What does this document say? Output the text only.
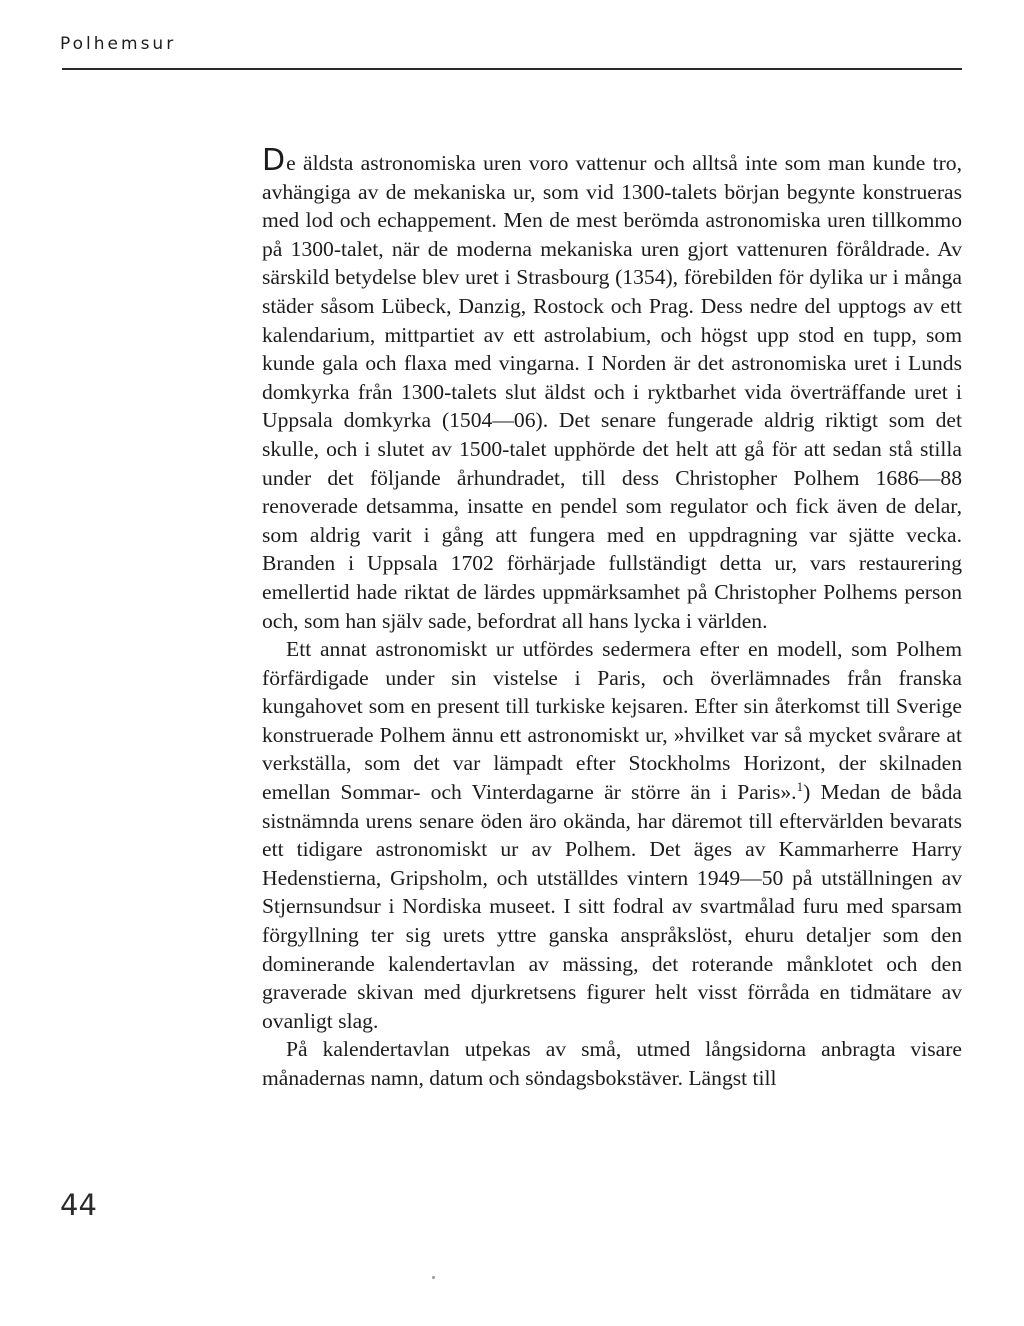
Polhemsur

De äldsta astronomiska uren voro vattenur och alltså inte som man kunde tro, avhängiga av de mekaniska ur, som vid 1300-talets början begynte konstrueras med lod och echappement. Men de mest berömda astronomiska uren tillkommo på 1300-talet, när de moderna mekaniska uren gjort vattenuren föråldrade. Av särskild betydelse blev uret i Strasbourg (1354), förebilden för dylika ur i många städer såsom Lübeck, Danzig, Rostock och Prag. Dess nedre del upptogs av ett kalendarium, mittpartiet av ett astrolabium, och högst upp stod en tupp, som kunde gala och flaxa med vingarna. I Norden är det astronomiska uret i Lunds domkyrka från 1300-talets slut äldst och i ryktbarhet vida överträffande uret i Uppsala domkyrka (1504—06). Det senare fungerade aldrig riktigt som det skulle, och i slutet av 1500-talet upphörde det helt att gå för att sedan stå stilla under det följande århundradet, till dess Christopher Polhem 1686—88 renoverade detsamma, insatte en pendel som regulator och fick även de delar, som aldrig varit i gång att fungera med en uppdragning var sjätte vecka. Branden i Uppsala 1702 förhärjade fullständigt detta ur, vars restaurering emellertid hade riktat de lärdes uppmärksamhet på Christopher Polhems person och, som han själv sade, befordrat all hans lycka i världen.

Ett annat astronomiskt ur utfördes sedermera efter en modell, som Polhem förfärdigade under sin vistelse i Paris, och överlämnades från franska kungahovet som en present till turkiske kejsaren. Efter sin återkomst till Sverige konstruerade Polhem ännu ett astronomiskt ur, »hvilket var så mycket svårare at verkställa, som det var lämpadt efter Stockholms Horizont, der skilnaden emellan Sommar- och Vinterdagarne är större än i Paris».$^1$) Medan de båda sistnämnda urens senare öden äro okända, har däremot till eftervärlden bevarats ett tidigare astronomiskt ur av Polhem. Det äges av Kammarherre Harry Hedenstierna, Gripsholm, och utställdes vintern 1949—50 på utställningen av Stjernsundsur i Nordiska museet. I sitt fodral av svartmålad furu med sparsam förgyllning ter sig urets yttre ganska anspråkslöst, ehuru detaljer som den dominerande kalendertavlan av mässing, det roterande månklotet och den graverade skivan med djurkretsens figurer helt visst förråda en tidmätare av ovanligt slag.

På kalendertavlan utpekas av små, utmed långsidorna anbragta visare månadernas namn, datum och söndagsbokstäver. Längst till

44
